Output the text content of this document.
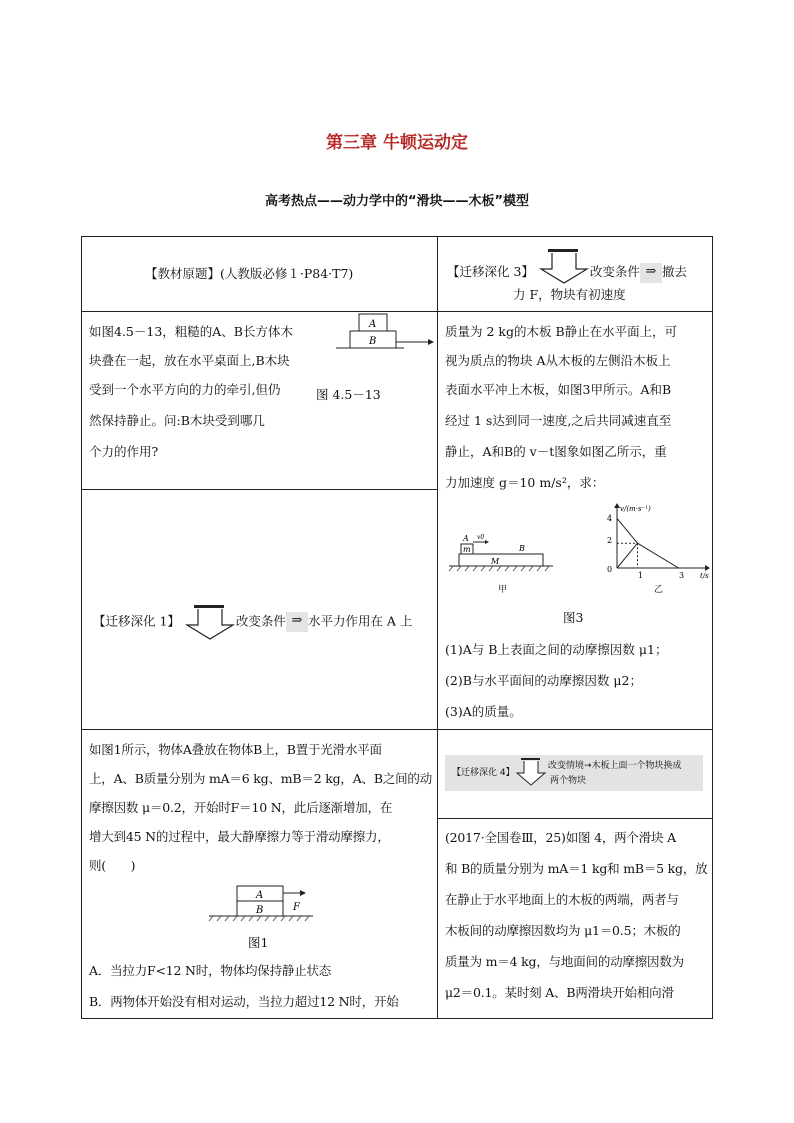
第三章 牛顿运动定
高考热点——动力学中的“滑块——木板”模型
【教材原题】(人教版必修１·P84·T7)
如图4.5－13，粗糙的A、B长方体木
块叠在一起，放在水平桌面上,B木块
受到一个水平方向的力的牵引,但仍
然保持静止。问:B木块受到哪几
个力的作用?
图 4.5－13
A
B
【迁移深化 1】	改变条件 ⇒ 水平力作用在 A 上
如图1所示，物体A叠放在物体B上，B置于光滑水平面
上，A、B质量分别为 mA＝6 kg、mB＝2 kg，A、B之间的动
摩擦因数 μ＝0.2，开始时F＝10 N，此后逐渐增加，在
增大到45 N的过程中，最大静摩擦力等于滑动摩擦力，
则(　　)
A
B	F
图1
A．当拉力F<12 N时，物体均保持静止状态
B．两物体开始没有相对运动，当拉力超过12 N时，开始
【迁移深化 3】	改变条件 ⇒ 撤去
力 F，物块有初速度
质量为 2 kg的木板 B静止在水平面上，可
视为质点的物块 A从木板的左侧沿木板上
表面水平冲上木板，如图3甲所示。A和B
经过 1 s达到同一速度,之后共同减速直至
静止，A和B的 v－t图象如图乙所示，重
力加速度 g＝10 m/s²，求：
A
m
v0
B
M
甲
v/(m·s⁻¹)
t/s
4
2
0
1	3
乙
图3
(1)A与 B上表面之间的动摩擦因数 μ1；
(2)B与水平面间的动摩擦因数 μ2；
(3)A的质量。
【迁移深化 4】
改变情境→木板上面一个物块换成
两个物块
(2017·全国卷Ⅲ，25)如图 4，两个滑块 A
和 B的质量分别为 mA＝1 kg和 mB＝5 kg，放
在静止于水平地面上的木板的两端，两者与
木板间的动摩擦因数均为 μ1＝0.5；木板的
质量为 m＝4 kg，与地面间的动摩擦因数为
μ2＝0.1。某时刻 A、B两滑块开始相向滑
